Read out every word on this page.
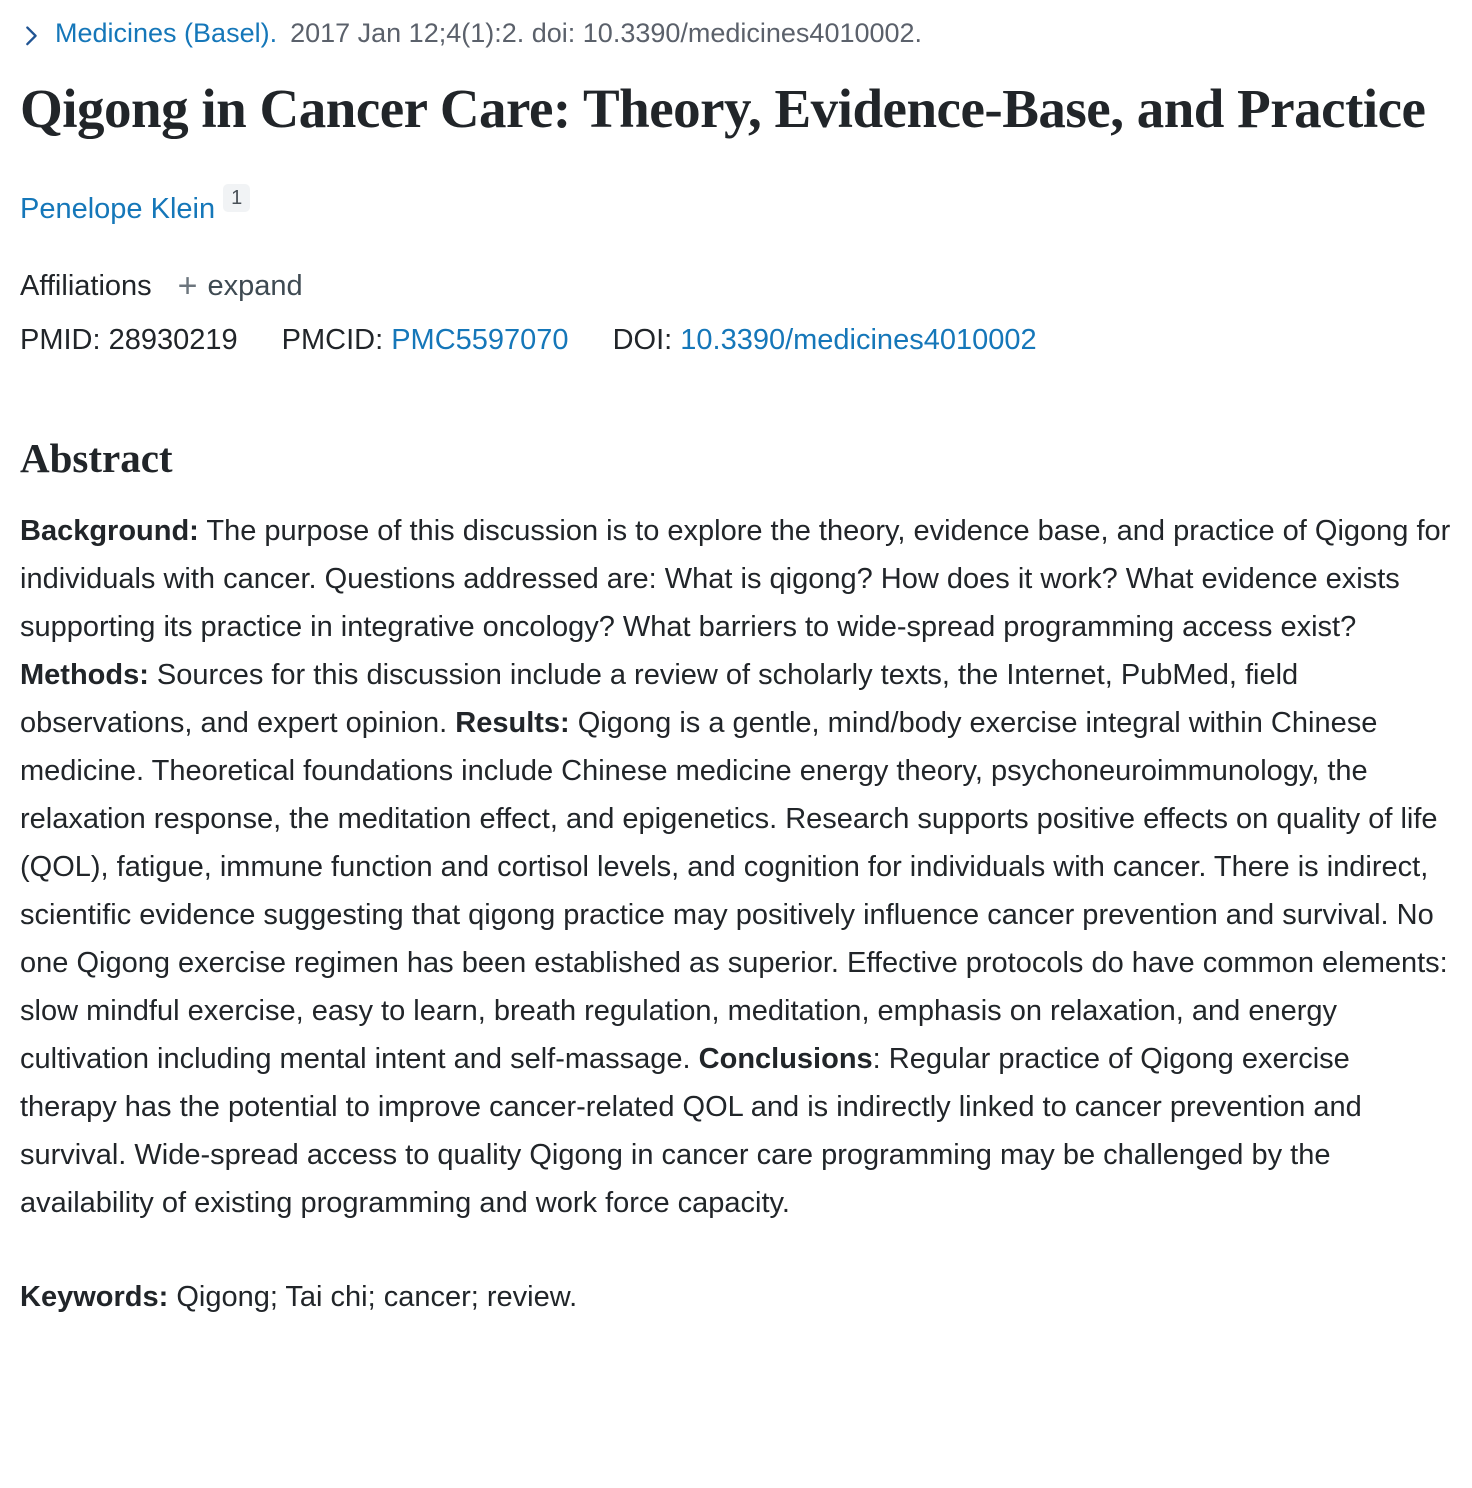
Medicines (Basel). 2017 Jan 12;4(1):2. doi: 10.3390/medicines4010002.
Qigong in Cancer Care: Theory, Evidence-Base, and Practice
Penelope Klein 1
Affiliations + expand
PMID: 28930219 PMCID: PMC5597070 DOI: 10.3390/medicines4010002
Abstract

Background: The purpose of this discussion is to explore the theory, evidence base, and practice of Qigong for individuals with cancer. Questions addressed are: What is qigong? How does it work? What evidence exists supporting its practice in integrative oncology? What barriers to wide-spread programming access exist? Methods: Sources for this discussion include a review of scholarly texts, the Internet, PubMed, field observations, and expert opinion. Results: Qigong is a gentle, mind/body exercise integral within Chinese medicine. Theoretical foundations include Chinese medicine energy theory, psychoneuroimmunology, the relaxation response, the meditation effect, and epigenetics. Research supports positive effects on quality of life (QOL), fatigue, immune function and cortisol levels, and cognition for individuals with cancer. There is indirect, scientific evidence suggesting that qigong practice may positively influence cancer prevention and survival. No one Qigong exercise regimen has been established as superior. Effective protocols do have common elements: slow mindful exercise, easy to learn, breath regulation, meditation, emphasis on relaxation, and energy cultivation including mental intent and self-massage. Conclusions: Regular practice of Qigong exercise therapy has the potential to improve cancer-related QOL and is indirectly linked to cancer prevention and survival. Wide-spread access to quality Qigong in cancer care programming may be challenged by the availability of existing programming and work force capacity.

Keywords: Qigong; Tai chi; cancer; review.
